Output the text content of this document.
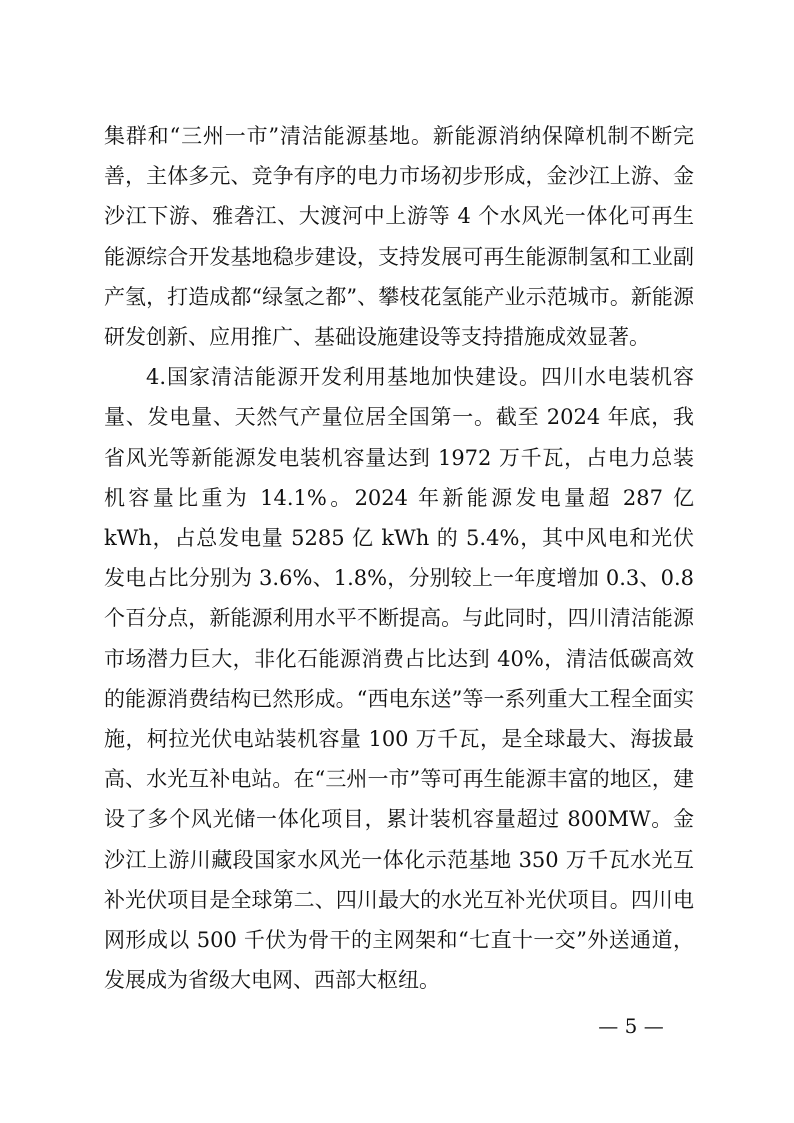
集群和“三州一市”清洁能源基地。新能源消纳保障机制不断完善，主体多元、竞争有序的电力市场初步形成，金沙江上游、金沙江下游、雅砻江、大渡河中上游等 4 个水风光一体化可再生能源综合开发基地稳步建设，支持发展可再生能源制氢和工业副产氢，打造成都“绿氢之都”、攀枝花氢能产业示范城市。新能源研发创新、应用推广、基础设施建设等支持措施成效显著。

4.国家清洁能源开发利用基地加快建设。四川水电装机容量、发电量、天然气产量位居全国第一。截至 2024 年底，我省风光等新能源发电装机容量达到 1972 万千瓦，占电力总装机容量比重为 14.1%。2024 年新能源发电量超 287 亿 kWh，占总发电量 5285 亿 kWh 的 5.4%，其中风电和光伏发电占比分别为 3.6%、1.8%，分别较上一年度增加 0.3、0.8 个百分点，新能源利用水平不断提高。与此同时，四川清洁能源市场潜力巨大，非化石能源消费占比达到 40%，清洁低碳高效的能源消费结构已然形成。“西电东送”等一系列重大工程全面实施，柯拉光伏电站装机容量 100 万千瓦，是全球最大、海拔最高、水光互补电站。在“三州一市”等可再生能源丰富的地区，建设了多个风光储一体化项目，累计装机容量超过 800MW。金沙江上游川藏段国家水风光一体化示范基地 350 万千瓦水光互补光伏项目是全球第二、四川最大的水光互补光伏项目。四川电网形成以 500 千伏为骨干的主网架和“七直十一交”外送通道，发展成为省级大电网、西部大枢纽。

— 5 —
